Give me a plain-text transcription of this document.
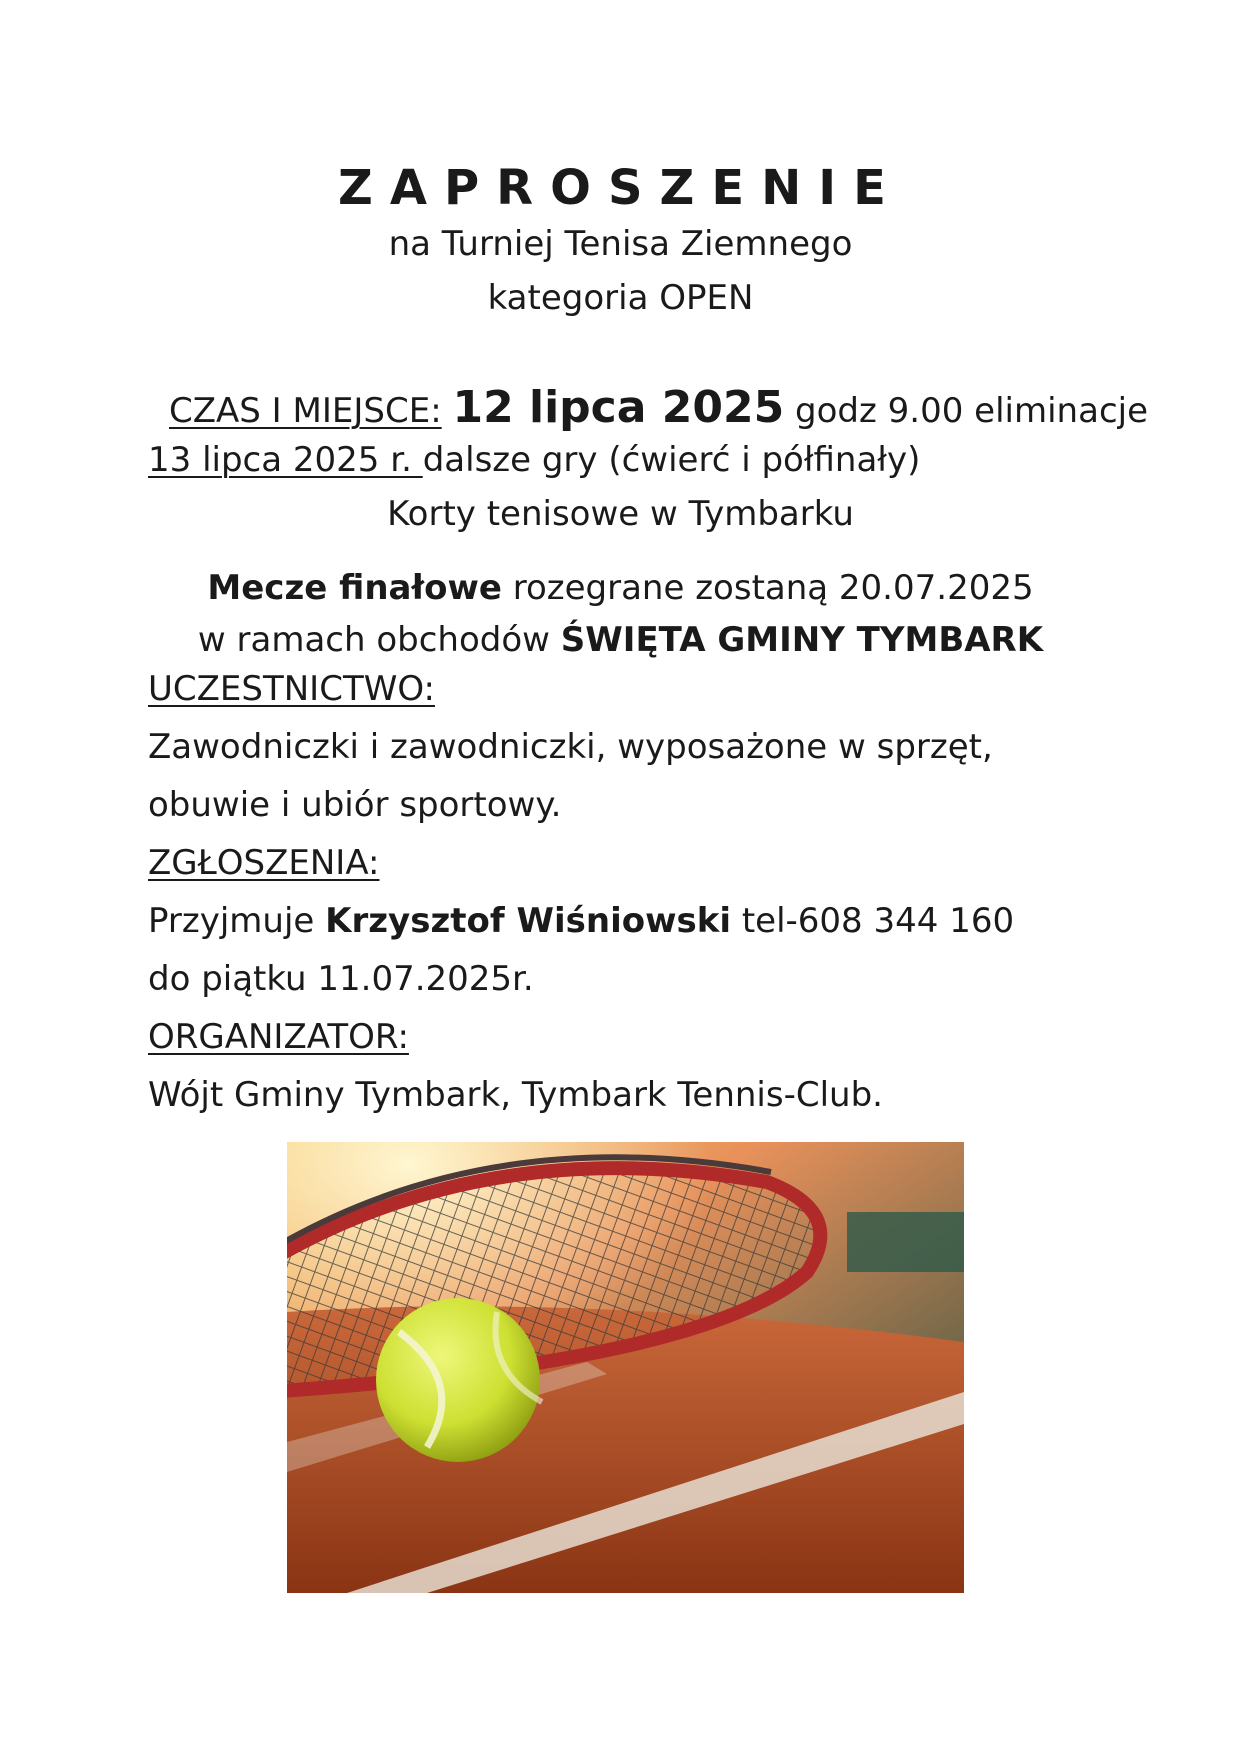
ZAPROSZENIE
na Turniej Tenisa Ziemnego
kategoria OPEN
CZAS I MIEJSCE: 12 lipca 2025 godz 9.00 eliminacje
13 lipca 2025 r. dalsze gry (ćwierć i półfinały)
Korty tenisowe w Tymbarku
Mecze finałowe rozegrane zostaną 20.07.2025
w ramach obchodów ŚWIĘTA GMINY TYMBARK
UCZESTNICTWO:
Zawodniczki i zawodniczki, wyposażone w sprzęt,
obuwie i ubiór sportowy.
ZGŁOSZENIA:
Przyjmuje Krzysztof Wiśniowski tel-608 344 160
do piątku 11.07.2025r.
ORGANIZATOR:
Wójt Gminy Tymbark, Tymbark Tennis-Club.
